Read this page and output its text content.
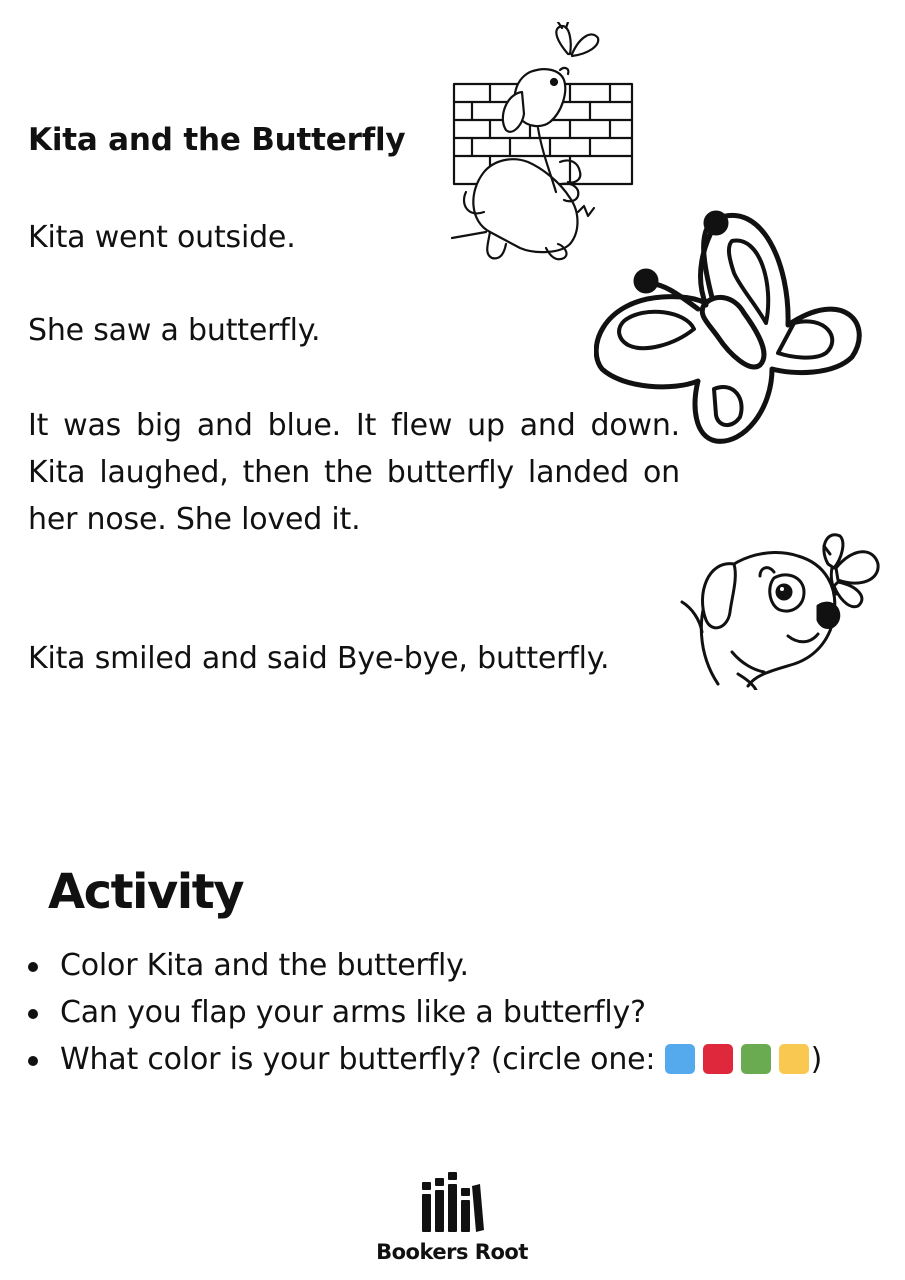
Kita and the Butterfly

Kita went outside.

She saw a butterfly.

It was big and blue. It flew up and down. Kita laughed, then the butterfly landed on her nose. She loved it.

Kita smiled and said Bye-bye, butterfly.

Activity
Color Kita and the butterfly.
Can you flap your arms like a butterfly?
What color is your butterfly? (circle one:	)
Bookers Root
